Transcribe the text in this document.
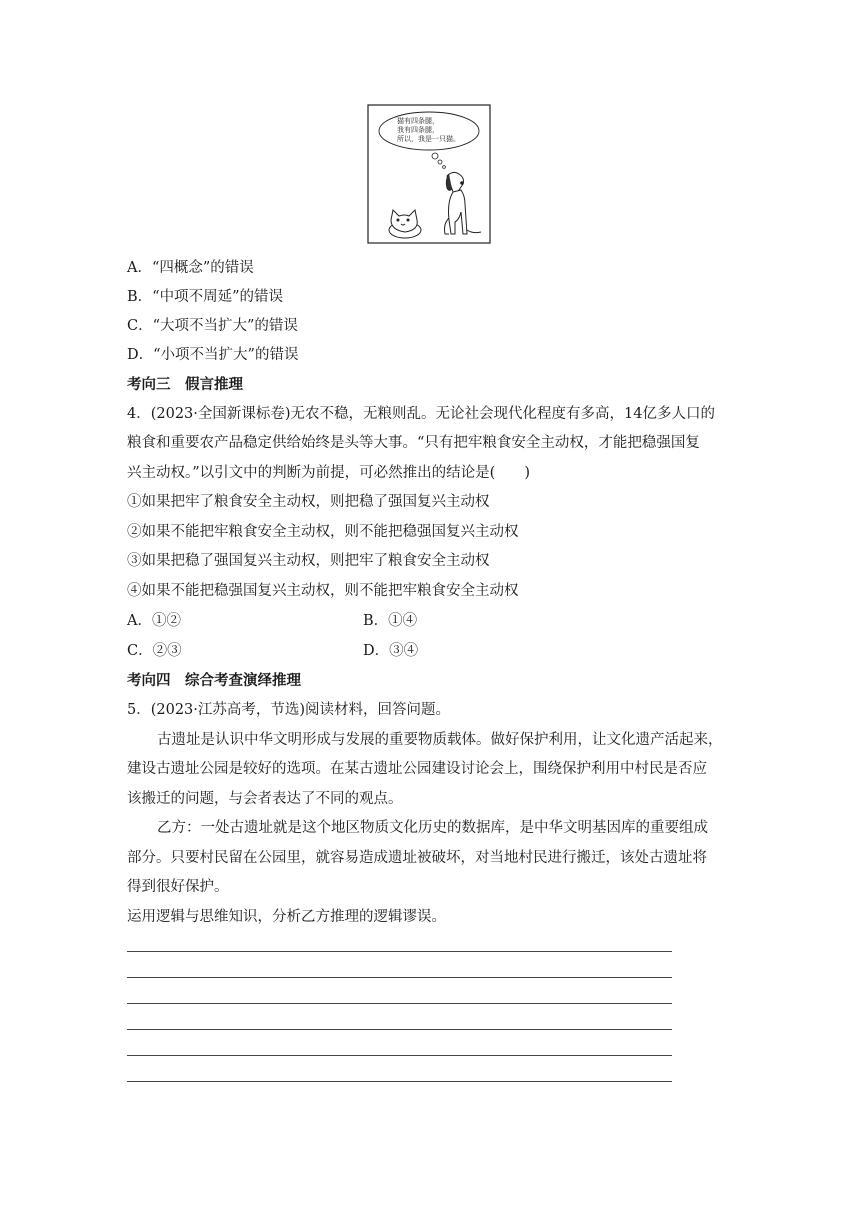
猫有四条腿，
我有四条腿，
所以，我是一只猫。
A．“四概念”的错误
B．“中项不周延”的错误
C．“大项不当扩大”的错误
D．“小项不当扩大”的错误
考向三　假言推理
4．(2023·全国新课标卷)无农不稳，无粮则乱。无论社会现代化程度有多高，14亿多人口的
粮食和重要农产品稳定供给始终是头等大事。“只有把牢粮食安全主动权，才能把稳强国复
兴主动权。”以引文中的判断为前提，可必然推出的结论是(　　)
①如果把牢了粮食安全主动权，则把稳了强国复兴主动权
②如果不能把牢粮食安全主动权，则不能把稳强国复兴主动权
③如果把稳了强国复兴主动权，则把牢了粮食安全主动权
④如果不能把稳强国复兴主动权，则不能把牢粮食安全主动权
A．①②	B．①④
C．②③	D．③④
考向四　综合考查演绎推理
5．(2023·江苏高考，节选)阅读材料，回答问题。
古遗址是认识中华文明形成与发展的重要物质载体。做好保护利用，让文化遗产活起来，
建设古遗址公园是较好的选项。在某古遗址公园建设讨论会上，围绕保护利用中村民是否应
该搬迁的问题，与会者表达了不同的观点。
乙方：一处古遗址就是这个地区物质文化历史的数据库，是中华文明基因库的重要组成
部分。只要村民留在公园里，就容易造成遗址被破坏，对当地村民进行搬迁，该处古遗址将
得到很好保护。
运用逻辑与思维知识，分析乙方推理的逻辑谬误。
